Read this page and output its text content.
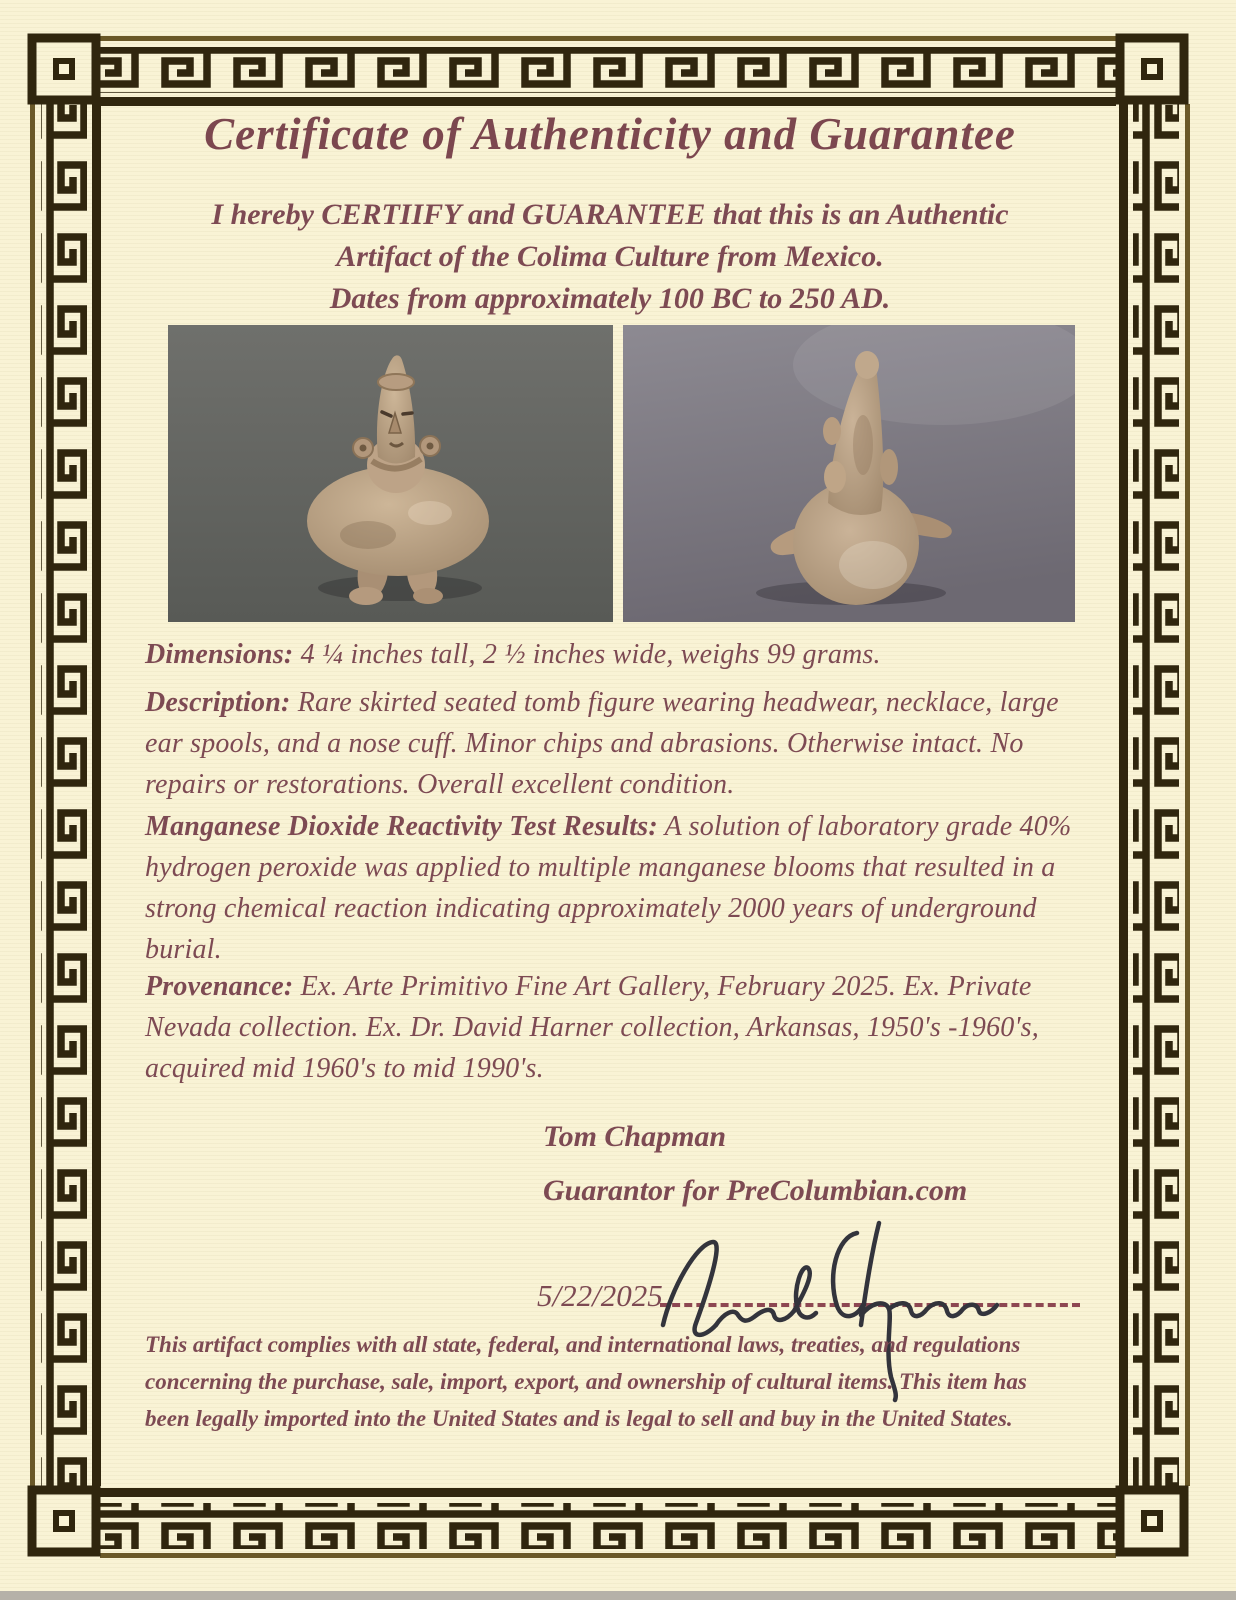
Certificate of Authenticity and Guarantee
I hereby CERTIIFY and GUARANTEE that this is an Authentic
Artifact of the Colima Culture from Mexico.
Dates from approximately 100 BC to 250 AD.
Dimensions: 4 ¼ inches tall, 2 ½ inches wide, weighs 99 grams.
Description: Rare skirted seated tomb figure wearing headwear, necklace, large ear spools, and a nose cuff. Minor chips and abrasions. Otherwise intact. No repairs or restorations. Overall excellent condition.
Manganese Dioxide Reactivity Test Results: A solution of laboratory grade 40% hydrogen peroxide was applied to multiple manganese blooms that resulted in a strong chemical reaction indicating approximately 2000 years of underground burial.
Provenance: Ex. Arte Primitivo Fine Art Gallery, February 2025. Ex. Private Nevada collection. Ex. Dr. David Harner collection, Arkansas, 1950's -1960's, acquired mid 1960's to mid 1990's.
Tom Chapman
Guarantor for PreColumbian.com
5/22/2025
This artifact complies with all state, federal, and international laws, treaties, and regulations
concerning the purchase, sale, import, export, and ownership of cultural items. This item has
been legally imported into the United States and is legal to sell and buy in the United States.
